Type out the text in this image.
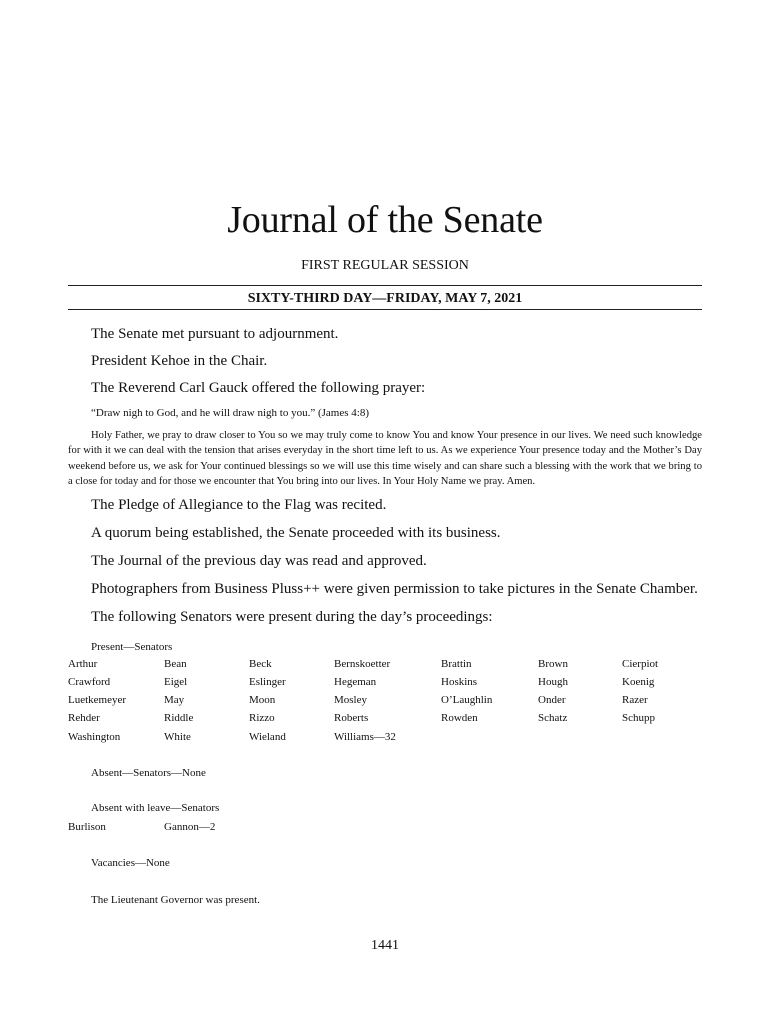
Journal of the Senate
FIRST REGULAR SESSION
SIXTY-THIRD DAY—FRIDAY, MAY 7, 2021
The Senate met pursuant to adjournment.
President Kehoe in the Chair.
The Reverend Carl Gauck offered the following prayer:
“Draw nigh to God, and he will draw nigh to you.” (James 4:8)

Holy Father, we pray to draw closer to You so we may truly come to know You and know Your presence in our lives. We need such knowledge for with it we can deal with the tension that arises everyday in the short time left to us. As we experience Your presence today and the Mother’s Day weekend before us, we ask for Your continued blessings so we will use this time wisely and can share such a blessing with the work that we bring to a close for today and for those we encounter that You bring into our lives. In Your Holy Name we pray. Amen.

The Pledge of Allegiance to the Flag was recited.
A quorum being established, the Senate proceeded with its business.
The Journal of the previous day was read and approved.
Photographers from Business Pluss++ were given permission to take pictures in the Senate Chamber.
The following Senators were present during the day’s proceedings:
Present—Senators
Arthur	Bean	Beck	Bernskoetter	Brattin	Brown	Cierpiot
Crawford	Eigel	Eslinger	Hegeman	Hoskins	Hough	Koenig
Luetkemeyer	May	Moon	Mosley	O’Laughlin	Onder	Razer
Rehder	Riddle	Rizzo	Roberts	Rowden	Schatz	Schupp
Washington	White	Wieland	Williams—32
Absent—Senators—None
Absent with leave—Senators
Burlison	Gannon—2
Vacancies—None
The Lieutenant Governor was present.
1441
